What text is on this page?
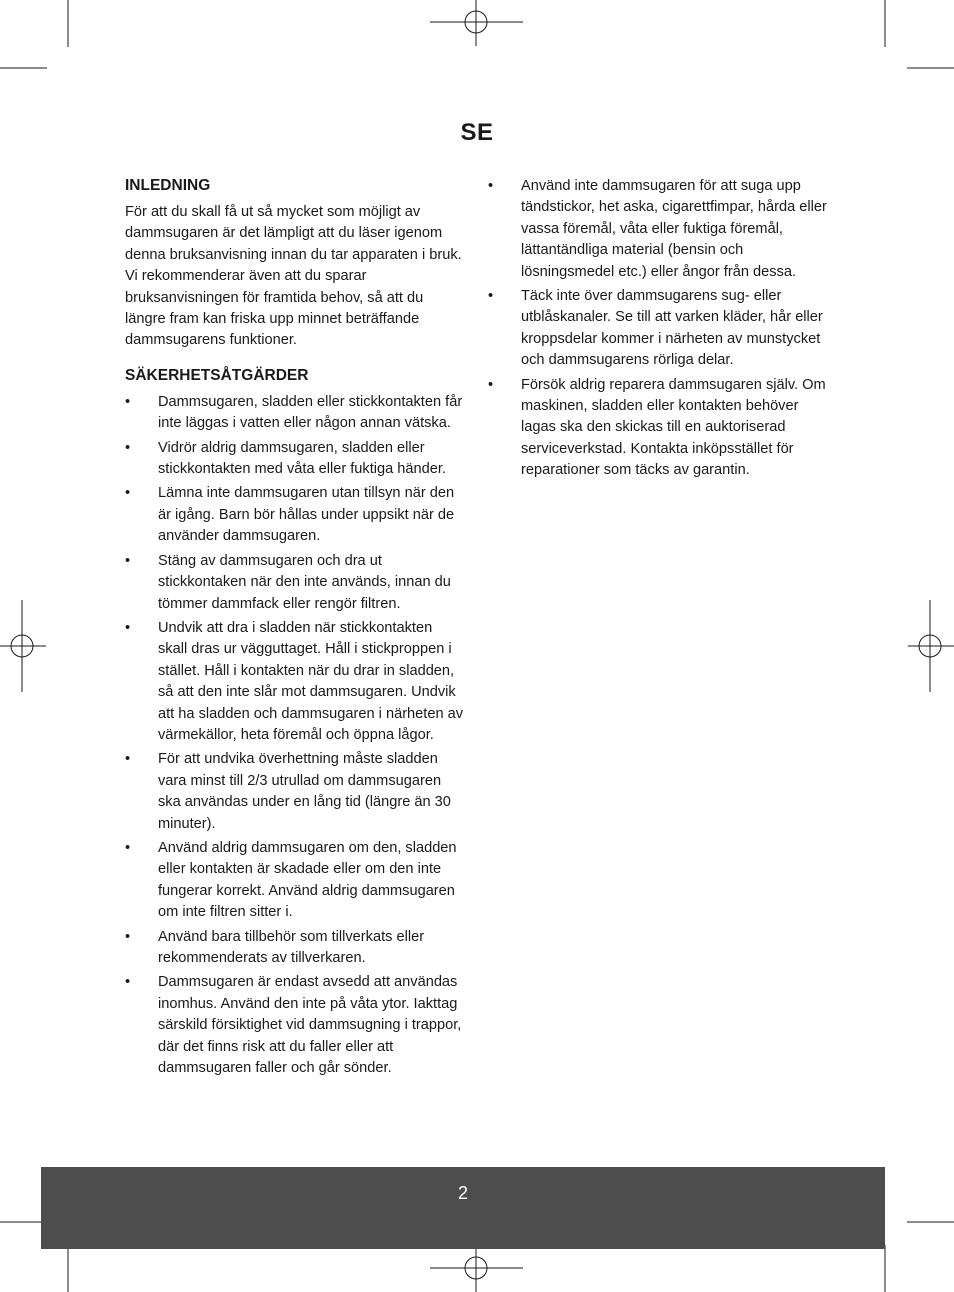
SE
INLEDNING

För att du skall få ut så mycket som möjligt av dammsugaren är det lämpligt att du läser igenom denna bruksanvisning innan du tar apparaten i bruk. Vi rekommenderar även att du sparar bruksanvisningen för framtida behov, så att du längre fram kan friska upp minnet beträffande dammsugarens funktioner.

SÄKERHETSÅTGÄRDER
• Dammsugaren, sladden eller stickkontakten får inte läggas i vatten eller någon annan vätska.
• Vidrör aldrig dammsugaren, sladden eller stickkontakten med våta eller fuktiga händer.
• Lämna inte dammsugaren utan tillsyn när den är igång. Barn bör hållas under uppsikt när de använder dammsugaren.
• Stäng av dammsugaren och dra ut stickkontaken när den inte används, innan du tömmer dammfack eller rengör filtren.
• Undvik att dra i sladden när stickkontakten skall dras ur vägguttaget. Håll i stickproppen i stället. Håll i kontakten när du drar in sladden, så att den inte slår mot dammsugaren. Undvik att ha sladden och dammsugaren i närheten av värmekällor, heta föremål och öppna lågor.
• För att undvika överhettning måste sladden vara minst till 2/3 utrullad om dammsugaren ska användas under en lång tid (längre än 30 minuter).
• Använd aldrig dammsugaren om den, sladden eller kontakten är skadade eller om den inte fungerar korrekt. Använd aldrig dammsugaren om inte filtren sitter i.
• Använd bara tillbehör som tillverkats eller rekommenderats av tillverkaren.
• Dammsugaren är endast avsedd att användas inomhus. Använd den inte på våta ytor. Iakttag särskild försiktighet vid dammsugning i trappor, där det finns risk att du faller eller att dammsugaren faller och går sönder.
• Använd inte dammsugaren för att suga upp tändstickor, het aska, cigarettfimpar, hårda eller vassa föremål, våta eller fuktiga föremål, lättantändliga material (bensin och lösningsmedel etc.) eller ångor från dessa.
• Täck inte över dammsugarens sug- eller utblåskanaler. Se till att varken kläder, hår eller kroppsdelar kommer i närheten av munstycket och dammsugarens rörliga delar.
• Försök aldrig reparera dammsugaren själv. Om maskinen, sladden eller kontakten behöver lagas ska den skickas till en auktoriserad serviceverkstad. Kontakta inköpsstället för reparationer som täcks av garantin.
2
